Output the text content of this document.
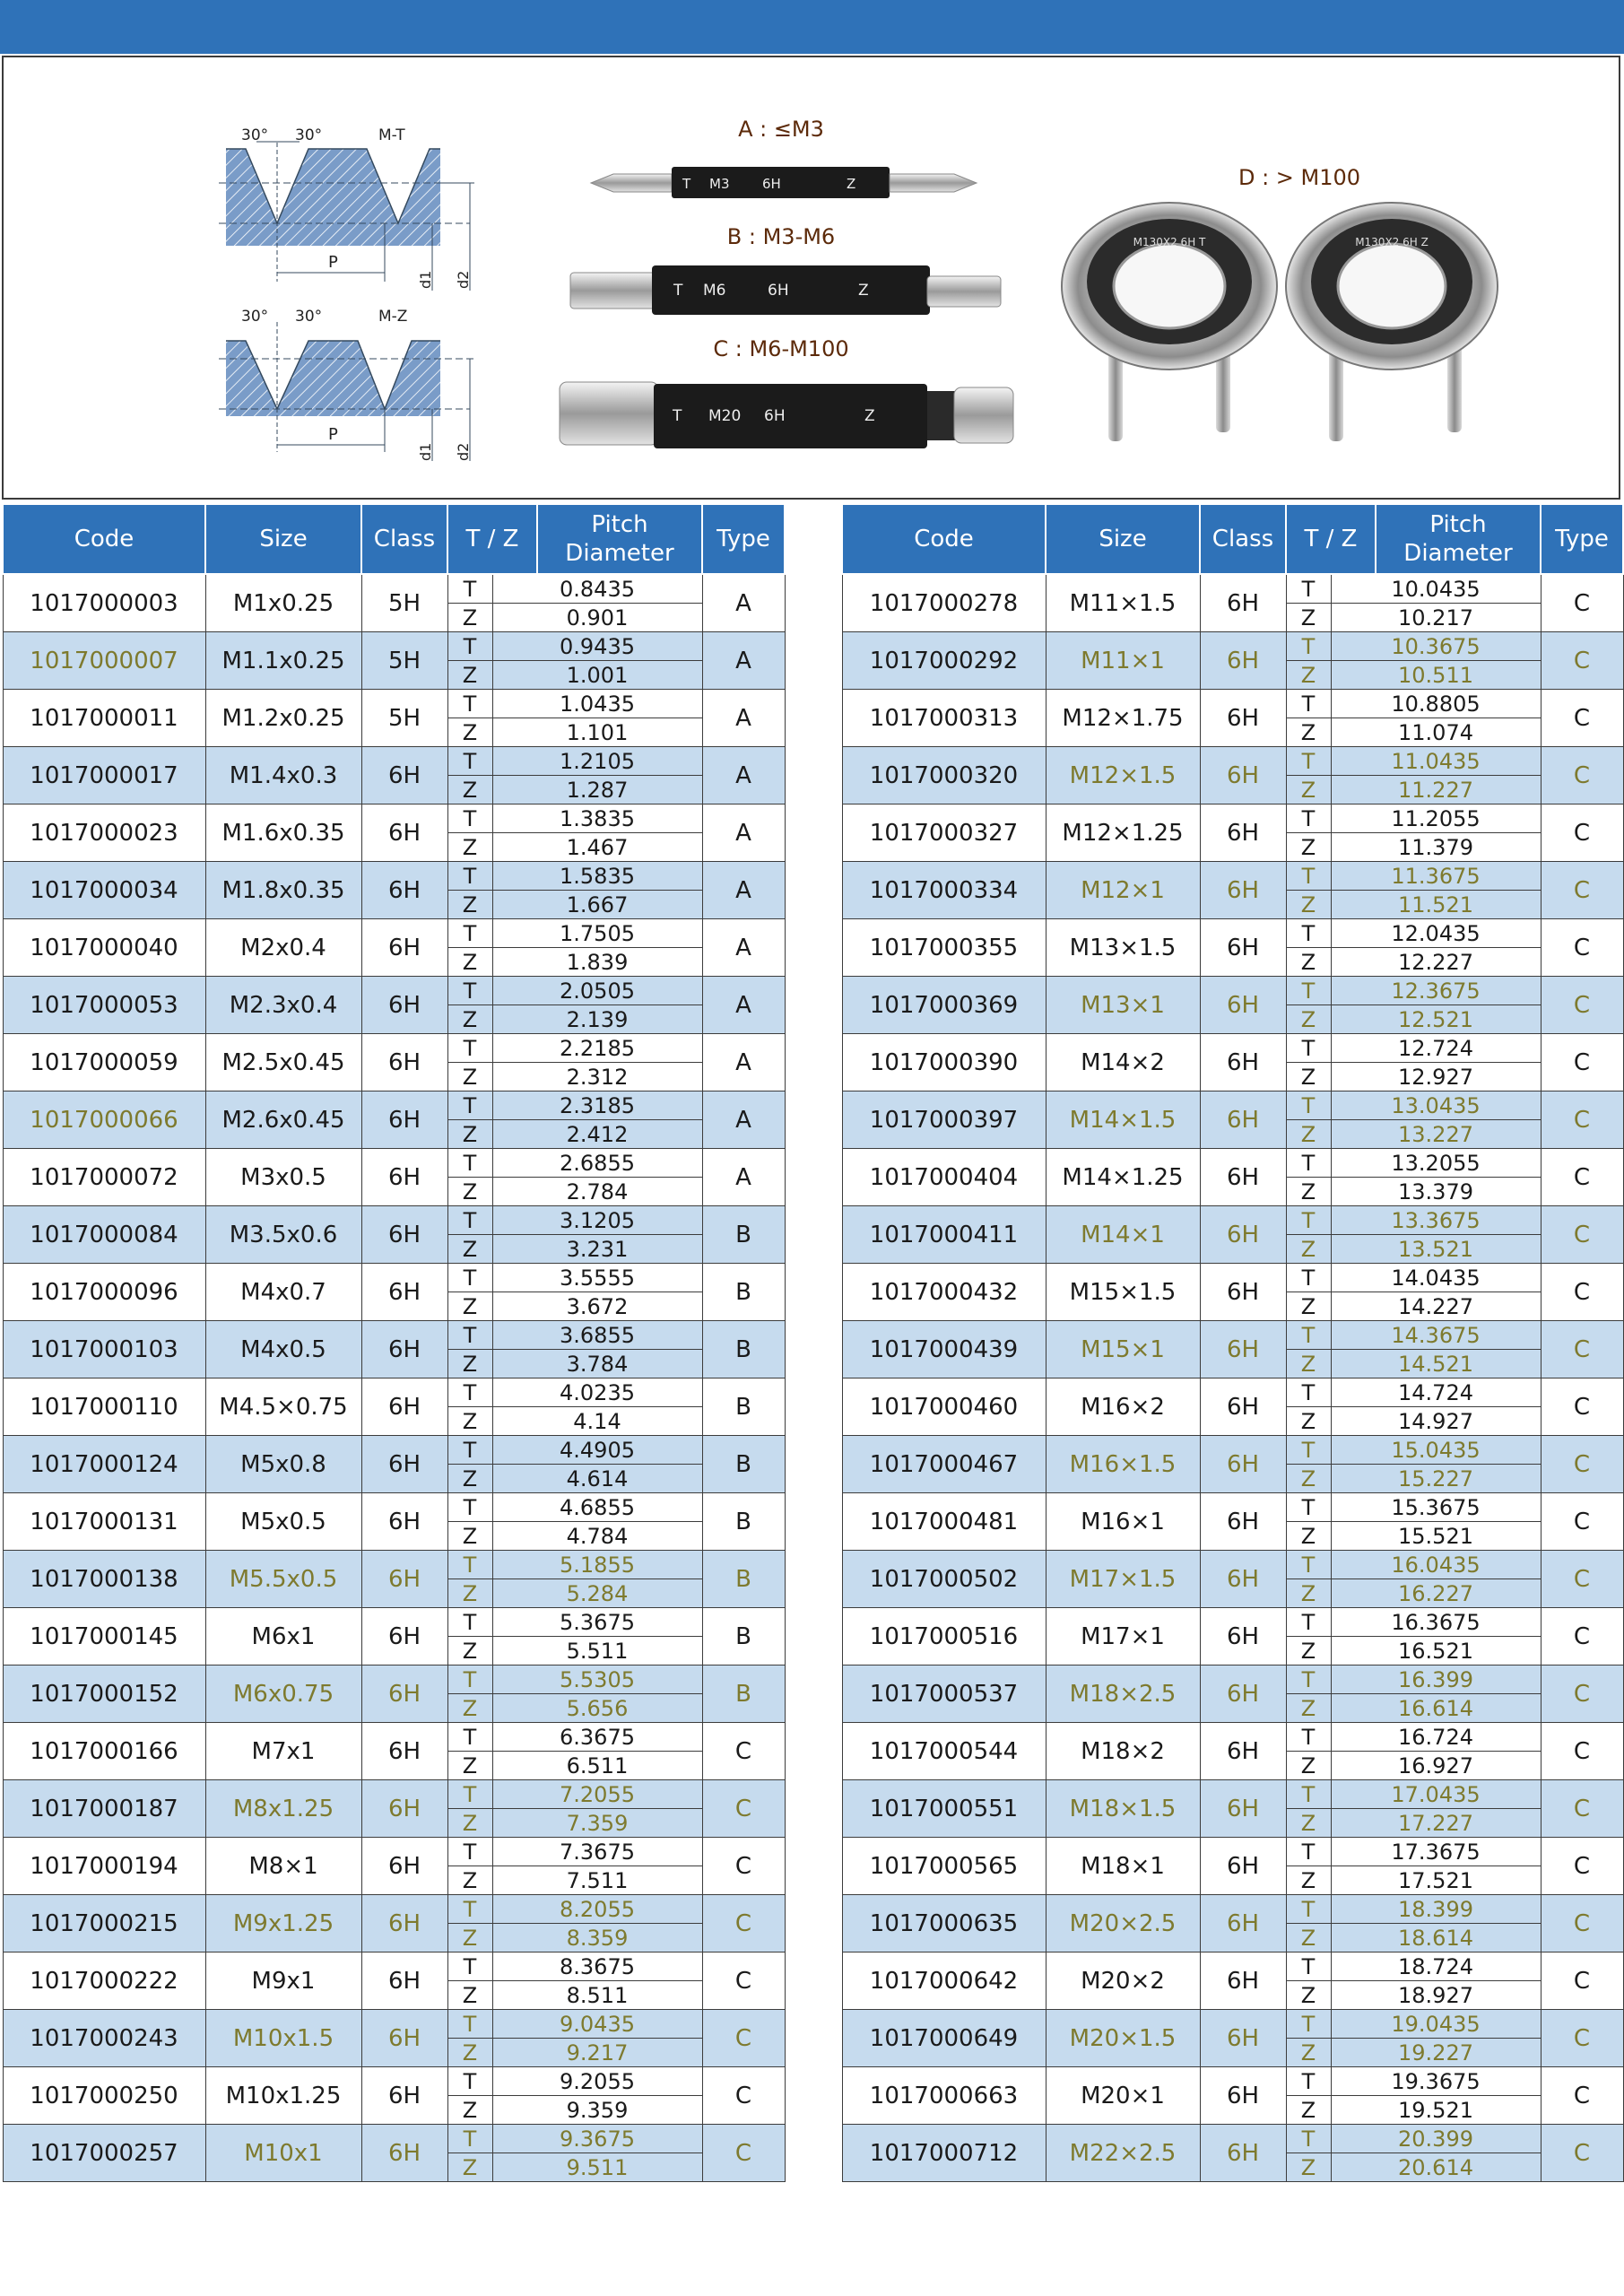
30° 30°	M-T
P
d1 d2
30° 30°	M-Z
P
d1 d2
A : ≤M3
T M3 6H	Z
B : M3-M6
T M6	6H	Z
C : M6-M100
T M20 6H	Z
D : > M100
M130X2 6H T	M130X2 6H Z
Code	Size	Class	T / Z		Pitch
Diameter	Type
1017000003	M1x0.25	5H	T	0.8435		A
			Z	0.901		
1017000007	M1.1x0.25	5H	T	0.9435		A
			Z	1.001		
1017000011	M1.2x0.25	5H	T	1.0435		A
			Z	1.101		
1017000017	M1.4x0.3	6H	T	1.2105		A
			Z	1.287		
1017000023	M1.6x0.35	6H	T	1.3835		A
			Z	1.467		
1017000034	M1.8x0.35	6H	T	1.5835		A
			Z	1.667		
1017000040	M2x0.4	6H	T	1.7505		A
			Z	1.839		
1017000053	M2.3x0.4	6H	T	2.0505		A
			Z	2.139		
1017000059	M2.5x0.45	6H	T	2.2185		A
			Z	2.312		
1017000066	M2.6x0.45	6H	T	2.3185		A
			Z	2.412		
1017000072	M3x0.5	6H	T	2.6855		A
			Z	2.784		
1017000084	M3.5x0.6	6H	T	3.1205		B
			Z	3.231		
1017000096	M4x0.7	6H	T	3.5555		B
			Z	3.672		
1017000103	M4x0.5	6H	T	3.6855		B
			Z	3.784		
1017000110	M4.5×0.75	6H	T	4.0235		B
			Z	4.14		
1017000124	M5x0.8	6H	T	4.4905		B
			Z	4.614		
1017000131	M5x0.5	6H	T	4.6855		B
			Z	4.784		
1017000138	M5.5x0.5	6H	T	5.1855		B
			Z	5.284		
1017000145	M6x1	6H	T	5.3675		B
			Z	5.511		
1017000152	M6x0.75	6H	T	5.5305		B
			Z	5.656		
1017000166	M7x1	6H	T	6.3675		C
			Z	6.511		
1017000187	M8x1.25	6H	T	7.2055		C
			Z	7.359		
1017000194	M8×1	6H	T	7.3675		C
			Z	7.511		
1017000215	M9x1.25	6H	T	8.2055		C
			Z	8.359		
1017000222	M9x1	6H	T	8.3675		C
			Z	8.511		
1017000243	M10x1.5	6H	T	9.0435		C
			Z	9.217		
1017000250	M10x1.25	6H	T	9.2055		C
			Z	9.359		
1017000257	M10x1	6H	T	9.3675		C
			Z	9.511		
Code	Size	Class	T / Z		Pitch
Diameter	Type
1017000278	M11×1.5	6H	T	10.0435		C
			Z	10.217		
1017000292	M11×1	6H	T	10.3675		C
			Z	10.511		
1017000313	M12×1.75	6H	T	10.8805		C
			Z	11.074		
1017000320	M12×1.5	6H	T	11.0435		C
			Z	11.227		
1017000327	M12×1.25	6H	T	11.2055		C
			Z	11.379		
1017000334	M12×1	6H	T	11.3675		C
			Z	11.521		
1017000355	M13×1.5	6H	T	12.0435		C
			Z	12.227		
1017000369	M13×1	6H	T	12.3675		C
			Z	12.521		
1017000390	M14×2	6H	T	12.724		C
			Z	12.927		
1017000397	M14×1.5	6H	T	13.0435		C
			Z	13.227		
1017000404	M14×1.25	6H	T	13.2055		C
			Z	13.379		
1017000411	M14×1	6H	T	13.3675		C
			Z	13.521		
1017000432	M15×1.5	6H	T	14.0435		C
			Z	14.227		
1017000439	M15×1	6H	T	14.3675		C
			Z	14.521		
1017000460	M16×2	6H	T	14.724		C
			Z	14.927		
1017000467	M16×1.5	6H	T	15.0435		C
			Z	15.227		
1017000481	M16×1	6H	T	15.3675		C
			Z	15.521		
1017000502	M17×1.5	6H	T	16.0435		C
			Z	16.227		
1017000516	M17×1	6H	T	16.3675		C
			Z	16.521		
1017000537	M18×2.5	6H	T	16.399		C
			Z	16.614		
1017000544	M18×2	6H	T	16.724		C
			Z	16.927		
1017000551	M18×1.5	6H	T	17.0435		C
			Z	17.227		
1017000565	M18×1	6H	T	17.3675		C
			Z	17.521		
1017000635	M20×2.5	6H	T	18.399		C
			Z	18.614		
1017000642	M20×2	6H	T	18.724		C
			Z	18.927		
1017000649	M20×1.5	6H	T	19.0435		C
			Z	19.227		
1017000663	M20×1	6H	T	19.3675		C
			Z	19.521		
1017000712	M22×2.5	6H	T	20.399		C
			Z	20.614		
